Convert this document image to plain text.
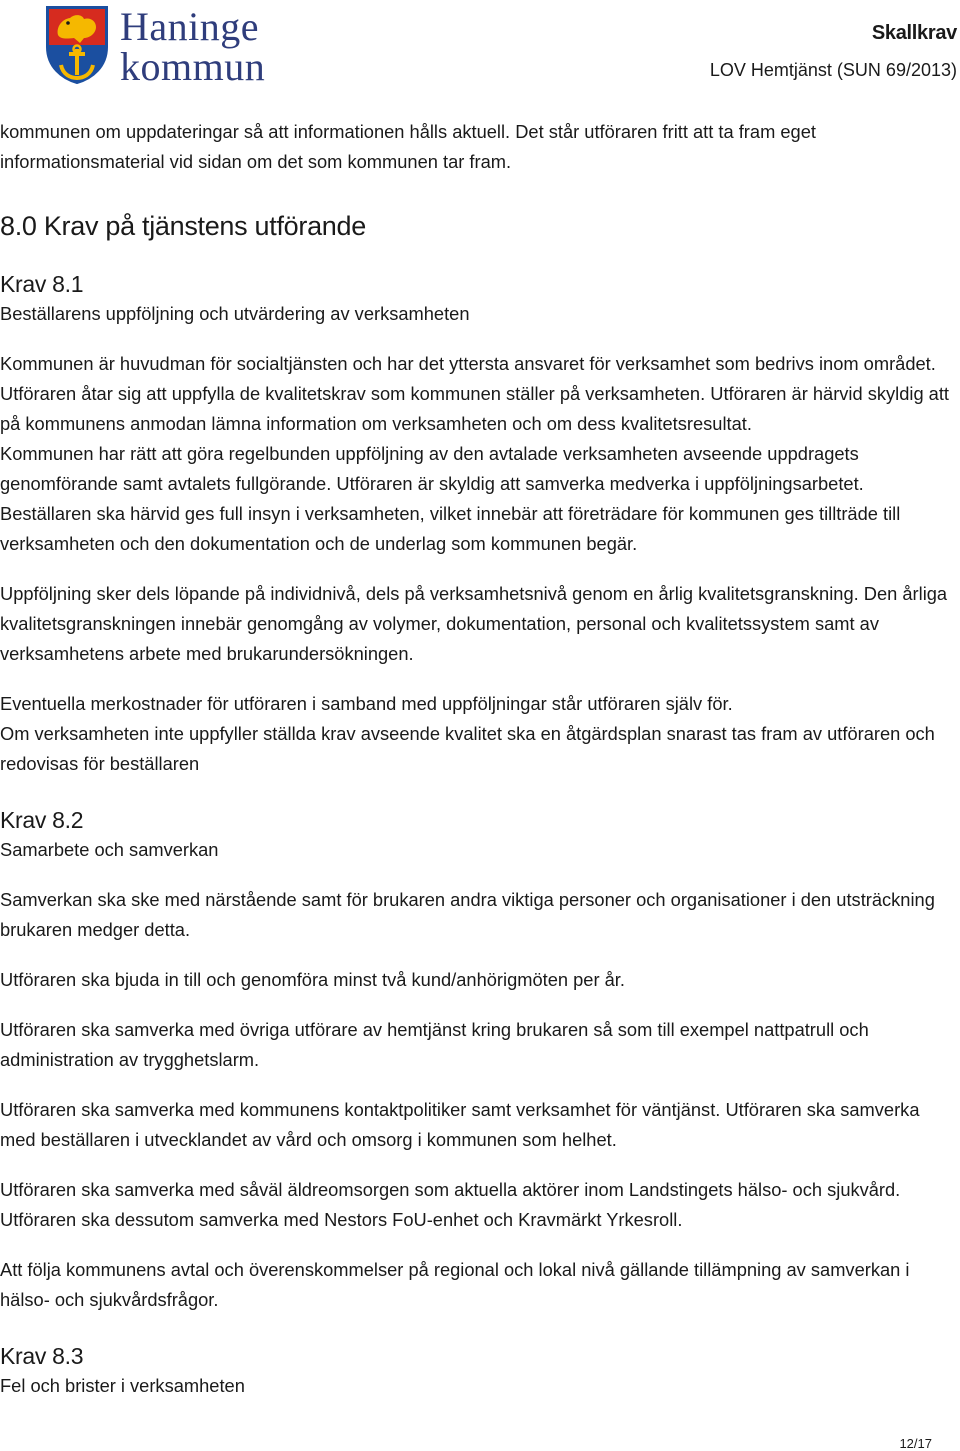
Haninge
kommun
Skallkrav
LOV Hemtjänst (SUN 69/2013)

kommunen om uppdateringar så att informationen hålls aktuell. Det står utföraren fritt att ta fram eget informationsmaterial vid sidan om det som kommunen tar fram.

8.0 Krav på tjänstens utförande
Krav 8.1

Beställarens uppföljning och utvärdering av verksamheten

Kommunen är huvudman för socialtjänsten och har det yttersta ansvaret för verksamhet som bedrivs inom området. Utföraren åtar sig att uppfylla de kvalitetskrav som kommunen ställer på verksamheten. Utföraren är härvid skyldig att på kommunens anmodan lämna information om verksamheten och om dess kvalitetsresultat.

Kommunen har rätt att göra regelbunden uppföljning av den avtalade verksamheten avseende uppdragets genomförande samt avtalets fullgörande. Utföraren är skyldig att samverka medverka i uppföljningsarbetet. Beställaren ska härvid ges full insyn i verksamheten, vilket innebär att företrädare för kommunen ges tillträde till verksamheten och den dokumentation och de underlag som kommunen begär.

Uppföljning sker dels löpande på individnivå, dels på verksamhetsnivå genom en årlig kvalitetsgranskning. Den årliga kvalitetsgranskningen innebär genomgång av volymer, dokumentation, personal och kvalitetssystem samt av verksamhetens arbete med brukarundersökningen.

Eventuella merkostnader för utföraren i samband med uppföljningar står utföraren själv för.

Om verksamheten inte uppfyller ställda krav avseende kvalitet ska en åtgärdsplan snarast tas fram av utföraren och redovisas för beställaren

Krav 8.2

Samarbete och samverkan

Samverkan ska ske med närstående samt för brukaren andra viktiga personer och organisationer i den utsträckning brukaren medger detta.

Utföraren ska bjuda in till och genomföra minst två kund/anhörigmöten per år.

Utföraren ska samverka med övriga utförare av hemtjänst kring brukaren så som till exempel nattpatrull och administration av trygghetslarm.

Utföraren ska samverka med kommunens kontaktpolitiker samt verksamhet för väntjänst. Utföraren ska samverka med beställaren i utvecklandet av vård och omsorg i kommunen som helhet.

Utföraren ska samverka med såväl äldreomsorgen som aktuella aktörer inom Landstingets hälso- och sjukvård. Utföraren ska dessutom samverka med Nestors FoU-enhet och Kravmärkt Yrkesroll.

Att följa kommunens avtal och överenskommelser på regional och lokal nivå gällande tillämpning av samverkan i hälso- och sjukvårdsfrågor.

Krav 8.3

Fel och brister i verksamheten

12/17
